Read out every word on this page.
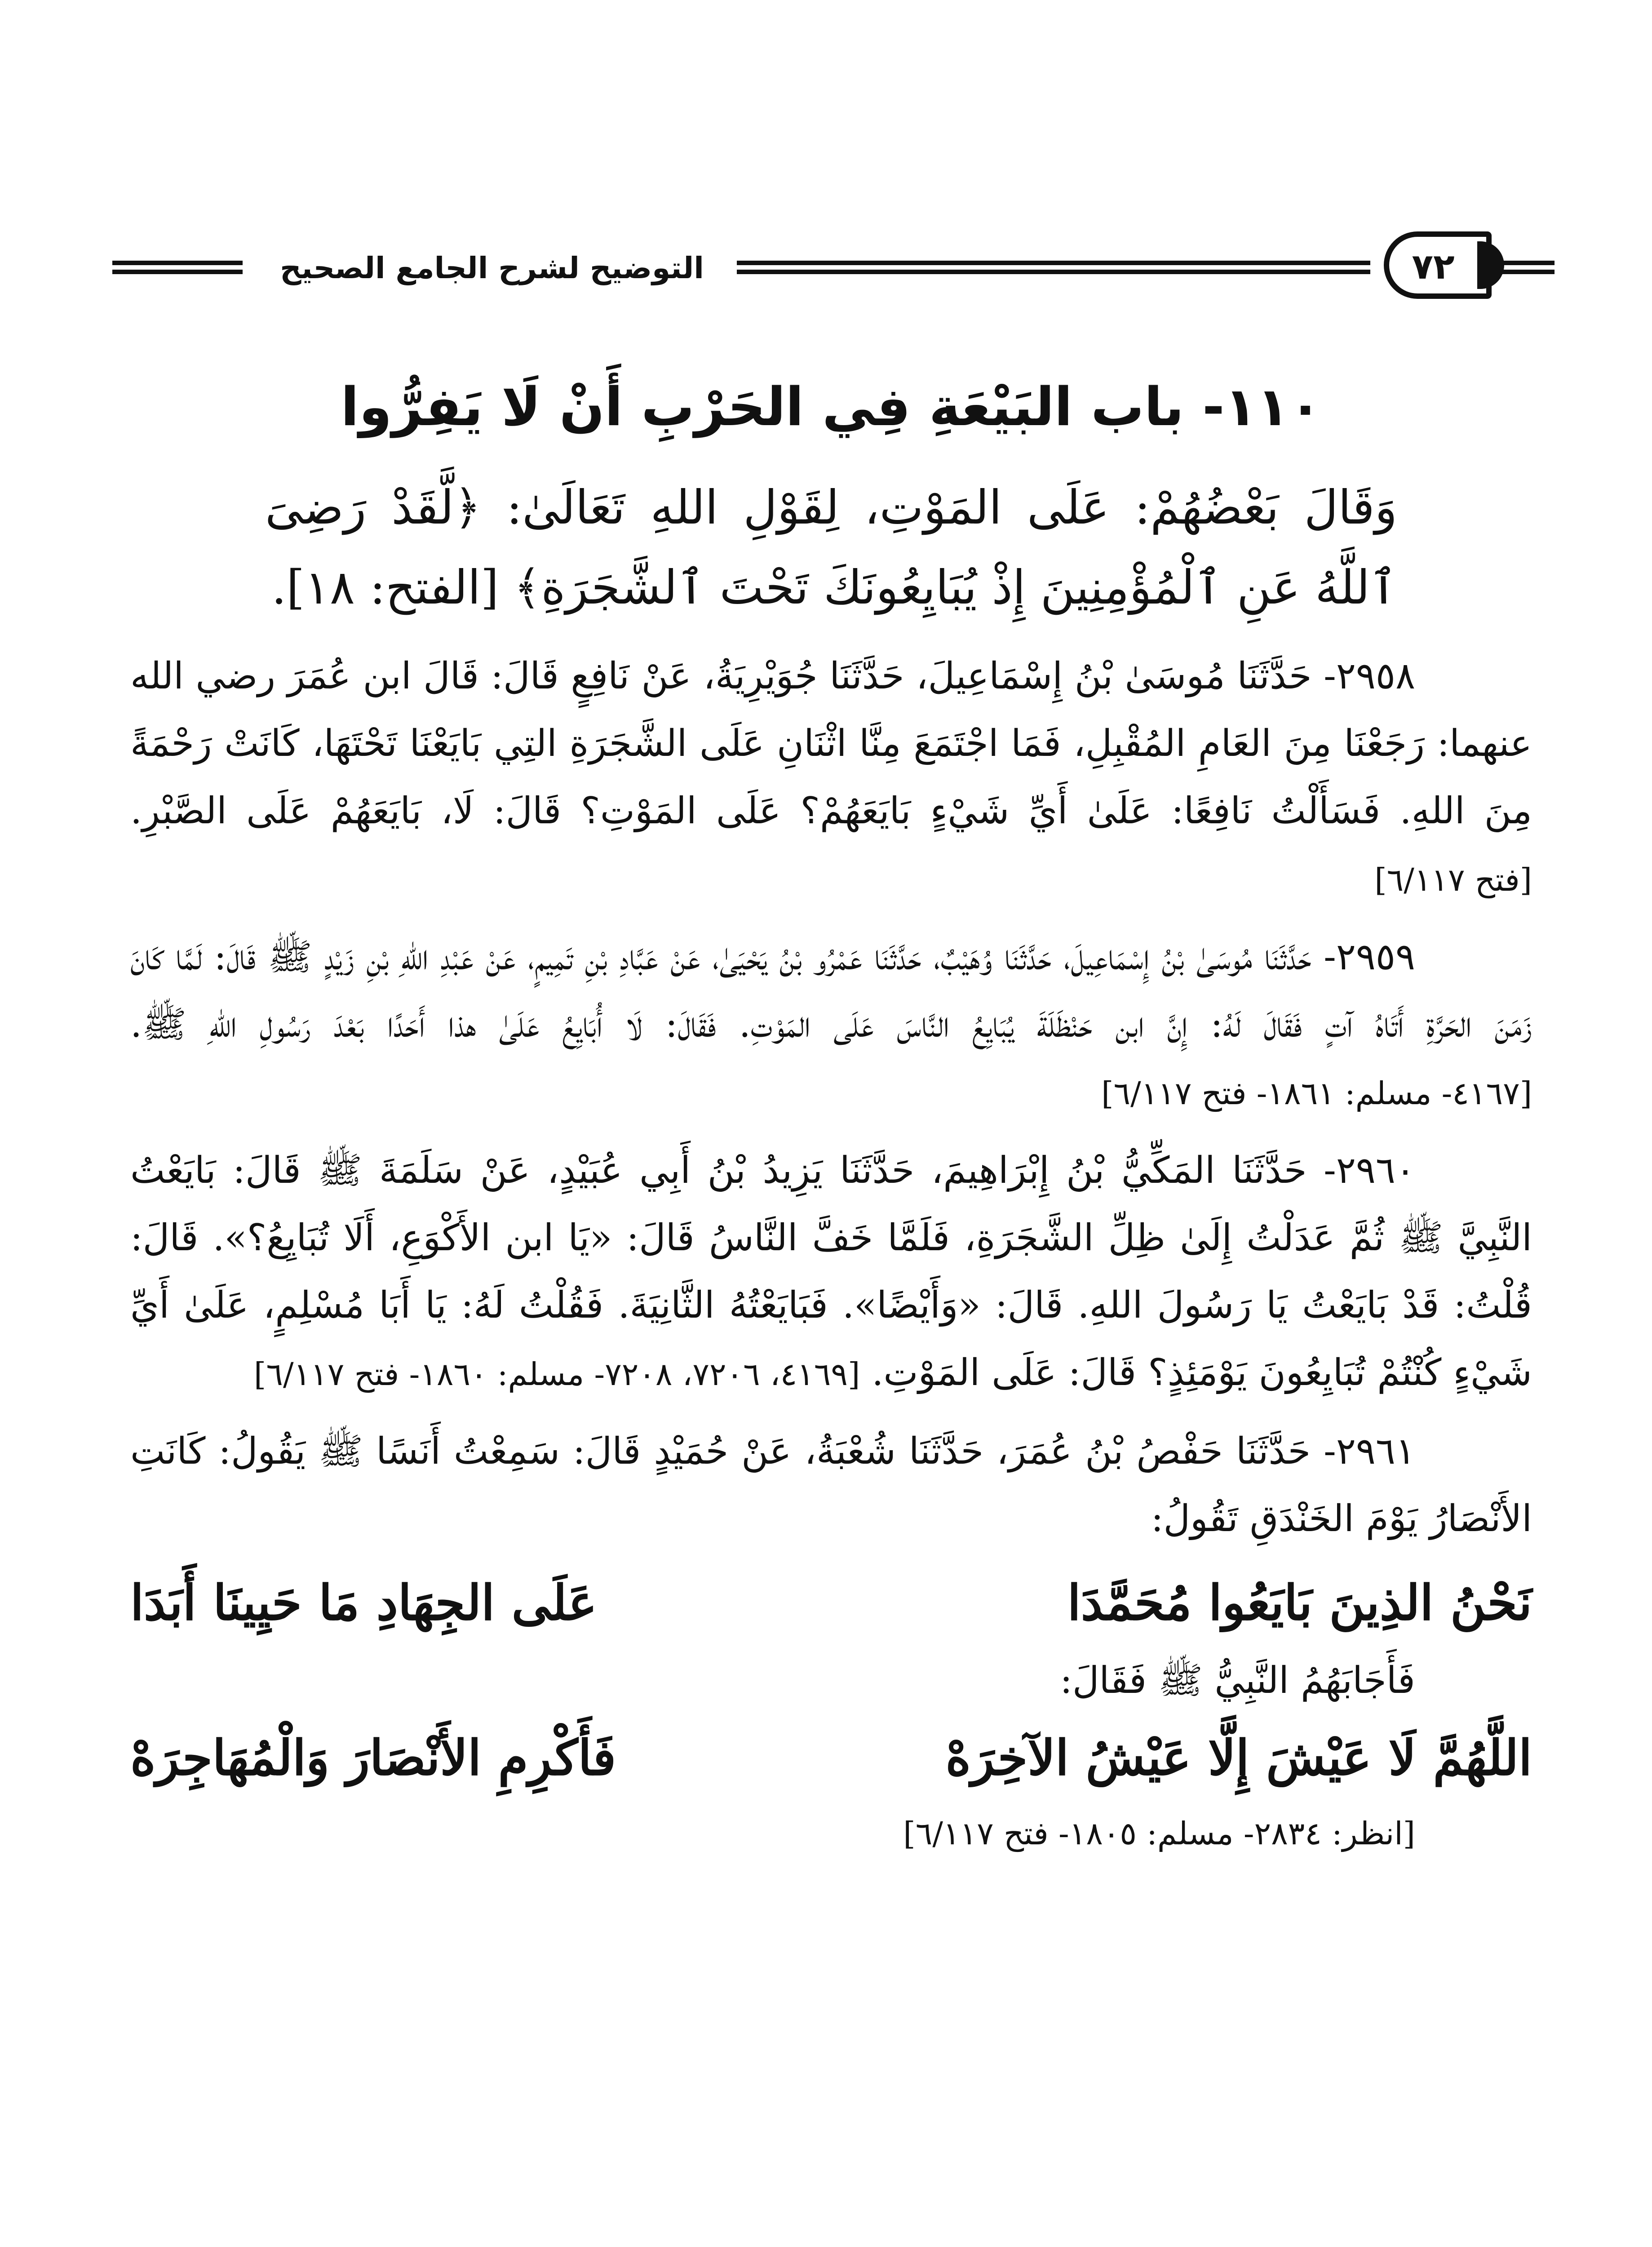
التوضيح لشرح الجامع الصحيح	٧٢
١١٠- باب البَيْعَةِ فِي الحَرْبِ أَنْ لَا يَفِرُّوا

وَقَالَ بَعْضُهُمْ: عَلَى المَوْتِ، لِقَوْلِ اللهِ تَعَالَىٰ: ﴿لَّقَدْ رَضِىَ ٱللَّهُ عَنِ ٱلْمُؤْمِنِينَ إِذْ يُبَايِعُونَكَ تَحْتَ ٱلشَّجَرَةِ﴾ [الفتح: ١٨].

٢٩٥٨- حَدَّثَنَا مُوسَىٰ بْنُ إِسْمَاعِيلَ، حَدَّثَنَا جُوَيْرِيَةُ، عَنْ نَافِعٍ قَالَ: قَالَ ابن عُمَرَ رضي الله عنهما: رَجَعْنَا مِنَ العَامِ المُقْبِلِ، فَمَا اجْتَمَعَ مِنَّا اثْنَانِ عَلَى الشَّجَرَةِ التِي بَايَعْنَا تَحْتَهَا، كَانَتْ رَحْمَةً مِنَ اللهِ. فَسَأَلْتُ نَافِعًا: عَلَىٰ أَيِّ شَيْءٍ بَايَعَهُمْ؟ عَلَى المَوْتِ؟ قَالَ: لَا، بَايَعَهُمْ عَلَى الصَّبْرِ. [فتح ٦/١١٧]

٢٩٥٩- حَدَّثَنَا مُوسَىٰ بْنُ إِسْمَاعِيلَ، حَدَّثَنَا وُهَيْبٌ، حَدَّثَنَا عَمْرُو بْنُ يَحْيَىٰ، عَنْ عَبَّادِ بْنِ تَمِيمٍ، عَنْ عَبْدِ اللهِ بْنِ زَيْدٍ ﷺ قَالَ: لَمَّا كَانَ زَمَنَ الحَرَّةِ أَتَاهُ آتٍ فَقَالَ لَهُ: إِنَّ ابن حَنْظَلَةَ يُبَايِعُ النَّاسَ عَلَى المَوْتِ. فَقَالَ: لَا أُبَايِعُ عَلَىٰ هذا أَحَدًا بَعْدَ رَسُولِ اللهِ ﷺ. [٤١٦٧- مسلم: ١٨٦١- فتح ٦/١١٧]

٢٩٦٠- حَدَّثَنَا المَكِّيُّ بْنُ إِبْرَاهِيمَ، حَدَّثَنَا يَزِيدُ بْنُ أَبِي عُبَيْدٍ، عَنْ سَلَمَةَ ﷺ قَالَ: بَايَعْتُ النَّبِيَّ ﷺ ثُمَّ عَدَلْتُ إِلَىٰ ظِلِّ الشَّجَرَةِ، فَلَمَّا خَفَّ النَّاسُ قَالَ: «يَا ابن الأَكْوَعِ، أَلَا تُبَايِعُ؟». قَالَ: قُلْتُ: قَدْ بَايَعْتُ يَا رَسُولَ اللهِ. قَالَ: «وَأَيْضًا». فَبَايَعْتُهُ الثَّانِيَةَ. فَقُلْتُ لَهُ: يَا أَبَا مُسْلِمٍ، عَلَىٰ أَيِّ شَيْءٍ كُنْتُمْ تُبَايِعُونَ يَوْمَئِذٍ؟ قَالَ: عَلَى المَوْتِ. [٤١٦٩، ٧٢٠٦، ٧٢٠٨- مسلم: ١٨٦٠- فتح ٦/١١٧]

٢٩٦١- حَدَّثَنَا حَفْصُ بْنُ عُمَرَ، حَدَّثَنَا شُعْبَةُ، عَنْ حُمَيْدٍ قَالَ: سَمِعْتُ أَنَسًا ﷺ يَقُولُ: كَانَتِ الأَنْصَارُ يَوْمَ الخَنْدَقِ تَقُولُ:

نَحْنُ الذِينَ بَايَعُوا مُحَمَّدَا
عَلَى الجِهَادِ مَا حَيِينَا أَبَدَا

فَأَجَابَهُمُ النَّبِيُّ ﷺ فَقَالَ:

اللَّهُمَّ لَا عَيْشَ إِلَّا عَيْشُ الآخِرَهْ
فَأَكْرِمِ الأَنْصَارَ وَالْمُهَاجِرَهْ

[انظر: ٢٨٣٤- مسلم: ١٨٠٥- فتح ٦/١١٧]
